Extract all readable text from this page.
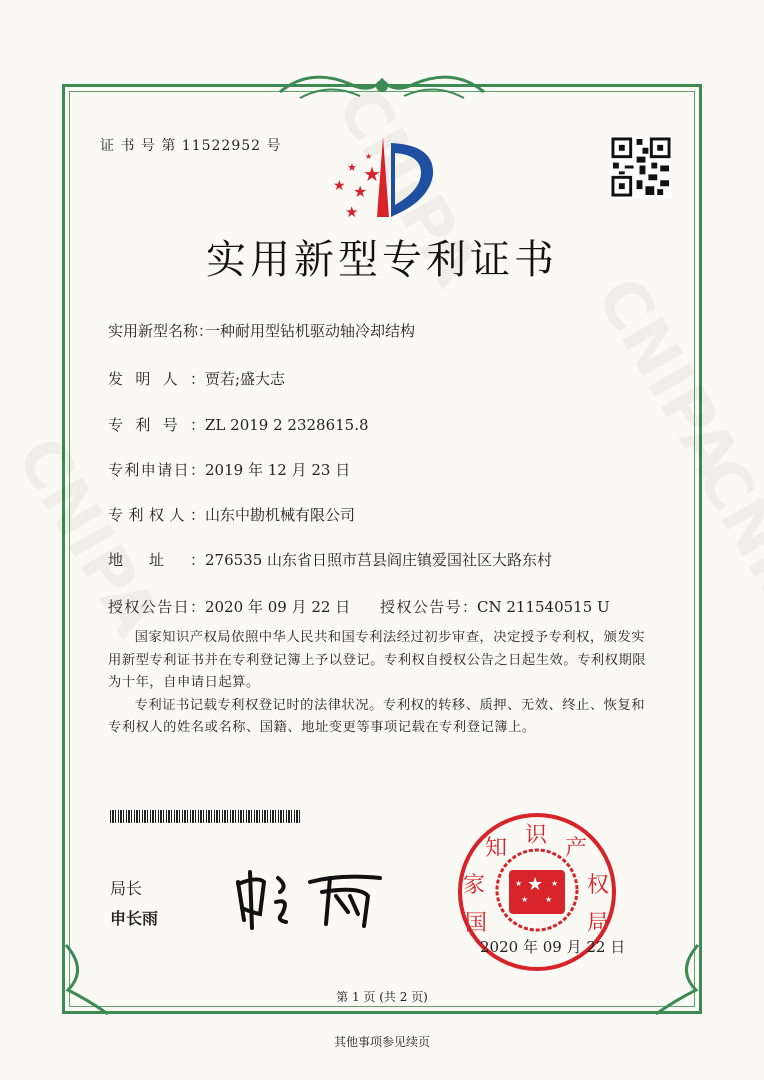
证 书 号 第 11522952 号
★
★
★
★
★
★
实用新型专利证书
实用新型名称：一种耐用型钻机驱动轴冷却结构
发明人：贾若;盛大志
专利号：ZL 2019 2 2328615.8
专利申请日：2019 年 12 月 23 日
专利权人：山东中勘机械有限公司
地址：276535 山东省日照市莒县阎庄镇爱国社区大路东村
授权公告日：2020 年 09 月 22 日 授权公告号：CN 211540515 U

国家知识产权局依照中华人民共和国专利法经过初步审查，决定授予专利权，颁发实用新型专利证书并在专利登记簿上予以登记。专利权自授权公告之日起生效。专利权期限为十年，自申请日起算。

专利证书记载专利权登记时的法律状况。专利权的转移、质押、无效、终止、恢复和专利权人的姓名或名称、国籍、地址变更等事项记载在专利登记簿上。

局长
申长雨
★
★	★
★ ★
国
家
知
识
产
权
局
2020 年 09 月 22 日
第 1 页 (共 2 页)
其他事项参见续页
